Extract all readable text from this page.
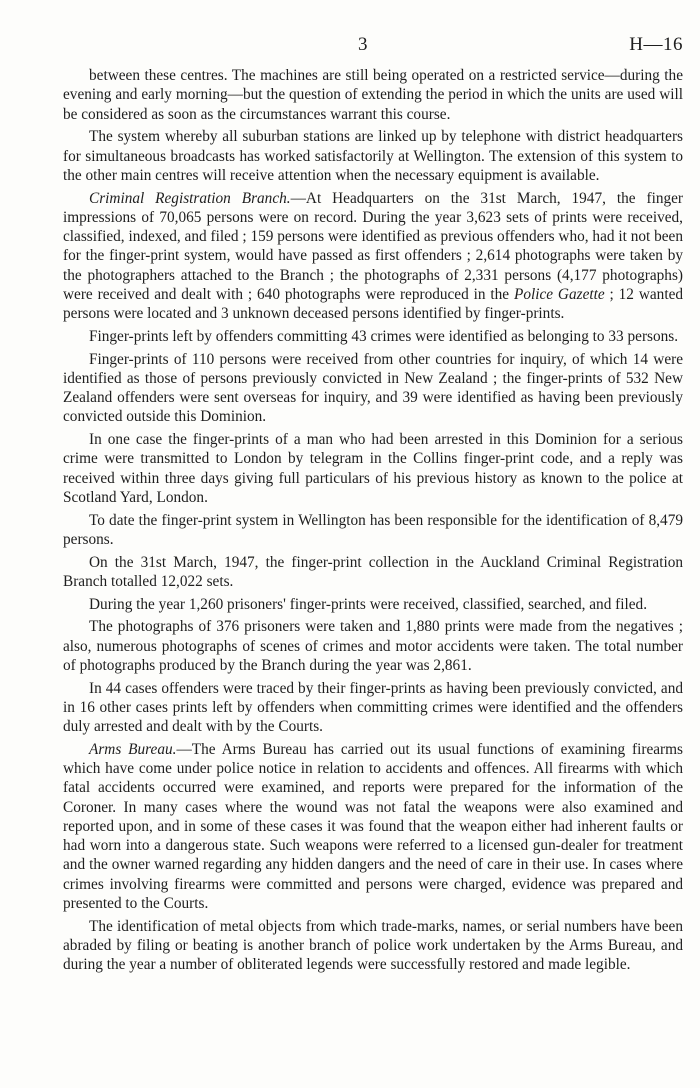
3	H—16

between these centres. The machines are still being operated on a restricted service—during the evening and early morning—but the question of extending the period in which the units are used will be considered as soon as the circumstances warrant this course.

The system whereby all suburban stations are linked up by telephone with district headquarters for simultaneous broadcasts has worked satisfactorily at Wellington. The extension of this system to the other main centres will receive attention when the necessary equipment is available.

Criminal Registration Branch.—At Headquarters on the 31st March, 1947, the finger impressions of 70,065 persons were on record. During the year 3,623 sets of prints were received, classified, indexed, and filed ; 159 persons were identified as previous offenders who, had it not been for the finger-print system, would have passed as first offenders ; 2,614 photographs were taken by the photographers attached to the Branch ; the photographs of 2,331 persons (4,177 photographs) were received and dealt with ; 640 photographs were reproduced in the Police Gazette ; 12 wanted persons were located and 3 unknown deceased persons identified by finger-prints.

Finger-prints left by offenders committing 43 crimes were identified as belonging to 33 persons.

Finger-prints of 110 persons were received from other countries for inquiry, of which 14 were identified as those of persons previously convicted in New Zealand ; the finger-prints of 532 New Zealand offenders were sent overseas for inquiry, and 39 were identified as having been previously convicted outside this Dominion.

In one case the finger-prints of a man who had been arrested in this Dominion for a serious crime were transmitted to London by telegram in the Collins finger-print code, and a reply was received within three days giving full particulars of his previous history as known to the police at Scotland Yard, London.

To date the finger-print system in Wellington has been responsible for the identification of 8,479 persons.

On the 31st March, 1947, the finger-print collection in the Auckland Criminal Registration Branch totalled 12,022 sets.

During the year 1,260 prisoners' finger-prints were received, classified, searched, and filed.

The photographs of 376 prisoners were taken and 1,880 prints were made from the negatives ; also, numerous photographs of scenes of crimes and motor accidents were taken. The total number of photographs produced by the Branch during the year was 2,861.

In 44 cases offenders were traced by their finger-prints as having been previously convicted, and in 16 other cases prints left by offenders when committing crimes were identified and the offenders duly arrested and dealt with by the Courts.

Arms Bureau.—The Arms Bureau has carried out its usual functions of examining firearms which have come under police notice in relation to accidents and offences. All firearms with which fatal accidents occurred were examined, and reports were prepared for the information of the Coroner. In many cases where the wound was not fatal the weapons were also examined and reported upon, and in some of these cases it was found that the weapon either had inherent faults or had worn into a dangerous state. Such weapons were referred to a licensed gun-dealer for treatment and the owner warned regarding any hidden dangers and the need of care in their use. In cases where crimes involving firearms were committed and persons were charged, evidence was prepared and presented to the Courts.

The identification of metal objects from which trade-marks, names, or serial numbers have been abraded by filing or beating is another branch of police work undertaken by the Arms Bureau, and during the year a number of obliterated legends were successfully restored and made legible.
